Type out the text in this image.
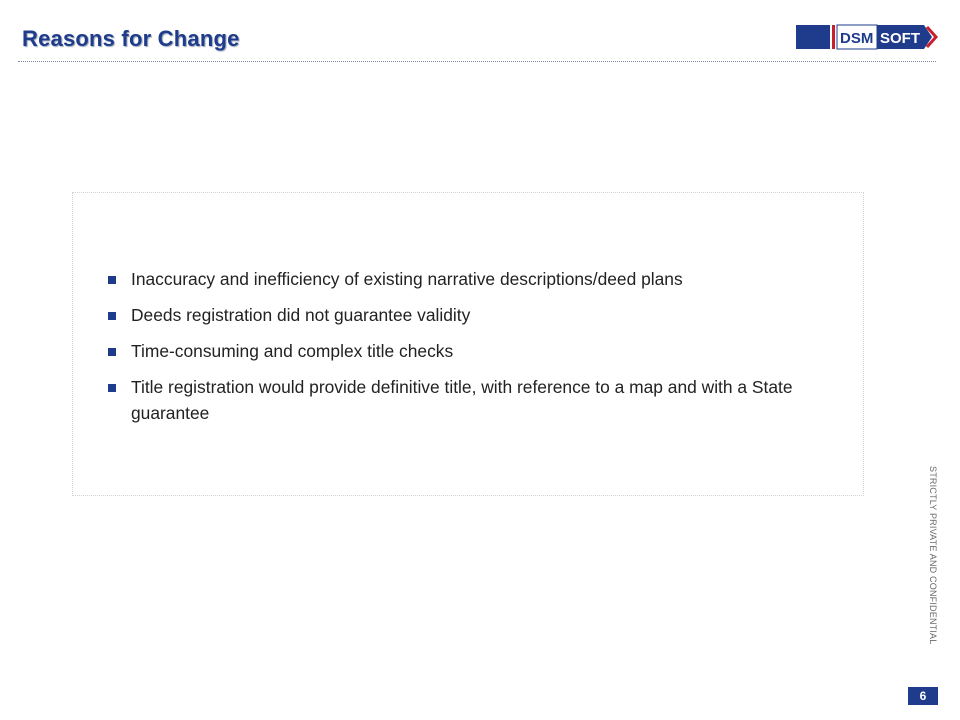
Reasons for Change	DSM SOFT
Inaccuracy and inefficiency of existing narrative descriptions/deed plans
Deeds registration did not guarantee validity
Time-consuming and complex title checks
Title registration would provide definitive title, with reference to a map and with a State guarantee
STRICTLY PRIVATE AND CONFIDENTIAL
6
